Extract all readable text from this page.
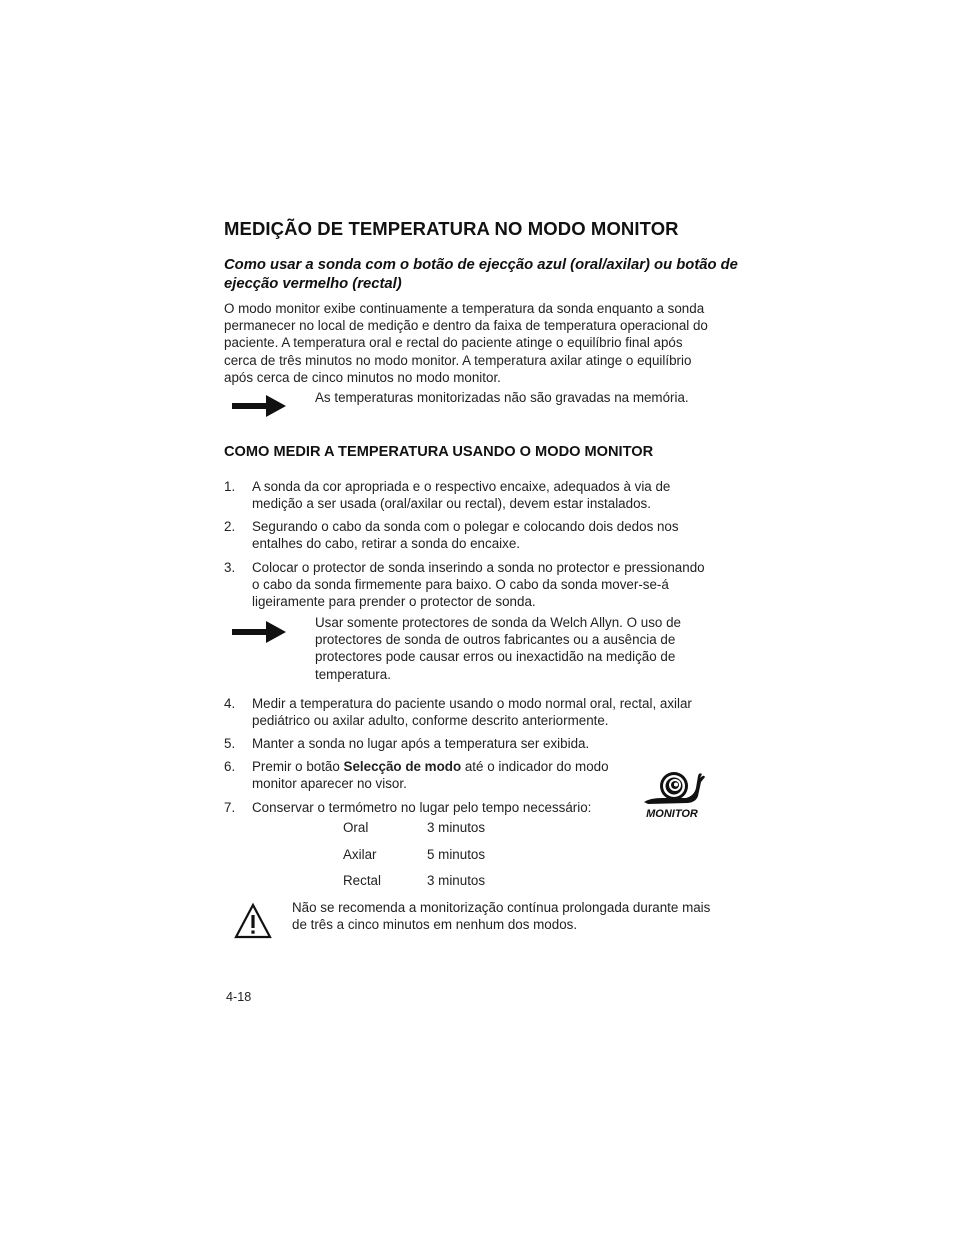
MEDIÇÃO DE TEMPERATURA NO MODO MONITOR
Como usar a sonda com o botão de ejecção azul (oral/axilar) ou botão de ejecção vermelho (rectal)
O modo monitor exibe continuamente a temperatura da sonda enquanto a sonda
permanecer no local de medição e dentro da faixa de temperatura operacional do
paciente. A temperatura oral e rectal do paciente atinge o equilíbrio final após
cerca de três minutos no modo monitor. A temperatura axilar atinge o equilíbrio
após cerca de cinco minutos no modo monitor.
As temperaturas monitorizadas não são gravadas na memória.
COMO MEDIR A TEMPERATURA USANDO O MODO MONITOR
1. A sonda da cor apropriada e o respectivo encaixe, adequados à via de
medição a ser usada (oral/axilar ou rectal), devem estar instalados.
2. Segurando o cabo da sonda com o polegar e colocando dois dedos nos
entalhes do cabo, retirar a sonda do encaixe.
3. Colocar o protector de sonda inserindo a sonda no protector e pressionando
o cabo da sonda firmemente para baixo. O cabo da sonda mover-se-á
ligeiramente para prender o protector de sonda.
Usar somente protectores de sonda da Welch Allyn. O uso de
protectores de sonda de outros fabricantes ou a ausência de
protectores pode causar erros ou inexactidão na medição de
temperatura.
4. Medir a temperatura do paciente usando o modo normal oral, rectal, axilar
pediátrico ou axilar adulto, conforme descrito anteriormente.
5. Manter a sonda no lugar após a temperatura ser exibida.
6. Premir o botão Selecção de modo até o indicador do modo
monitor aparecer no visor.
MONITOR
7. Conservar o termómetro no lugar pelo tempo necessário:
Oral	3 minutos
Axilar	5 minutos
Rectal	3 minutos
Não se recomenda a monitorização contínua prolongada durante mais
de três a cinco minutos em nenhum dos modos.
4-18
